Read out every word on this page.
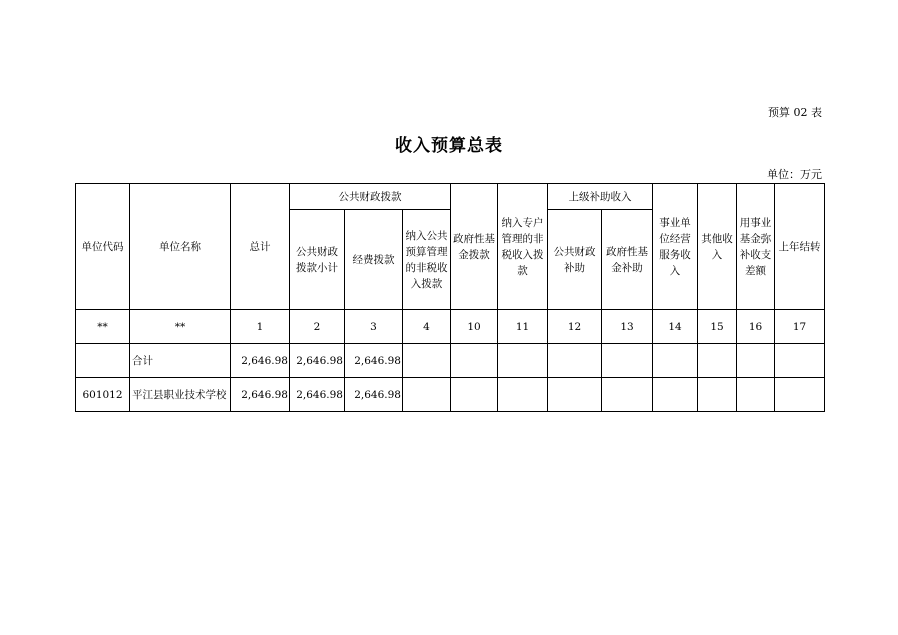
预算 02 表
收入预算总表
单位：万元
单位代码	单位名称	总计	公共财政拨款			政府性基金拨款	纳入专户管理的非税收入拨款	上级补助收入		事业单位经营服务收入	其他收入	用事业基金弥补收支差额	上年结转
			公共财政拨款小计	经费拨款	纳入公共预算管理的非税收入拨款			公共财政补助	政府性基金补助				
**	**	1	2	3	4	10	11	12	13	14	15	16	17
	合计	2,646.98	2,646.98	2,646.98									
601012	平江县职业技术学校	2,646.98	2,646.98	2,646.98									
